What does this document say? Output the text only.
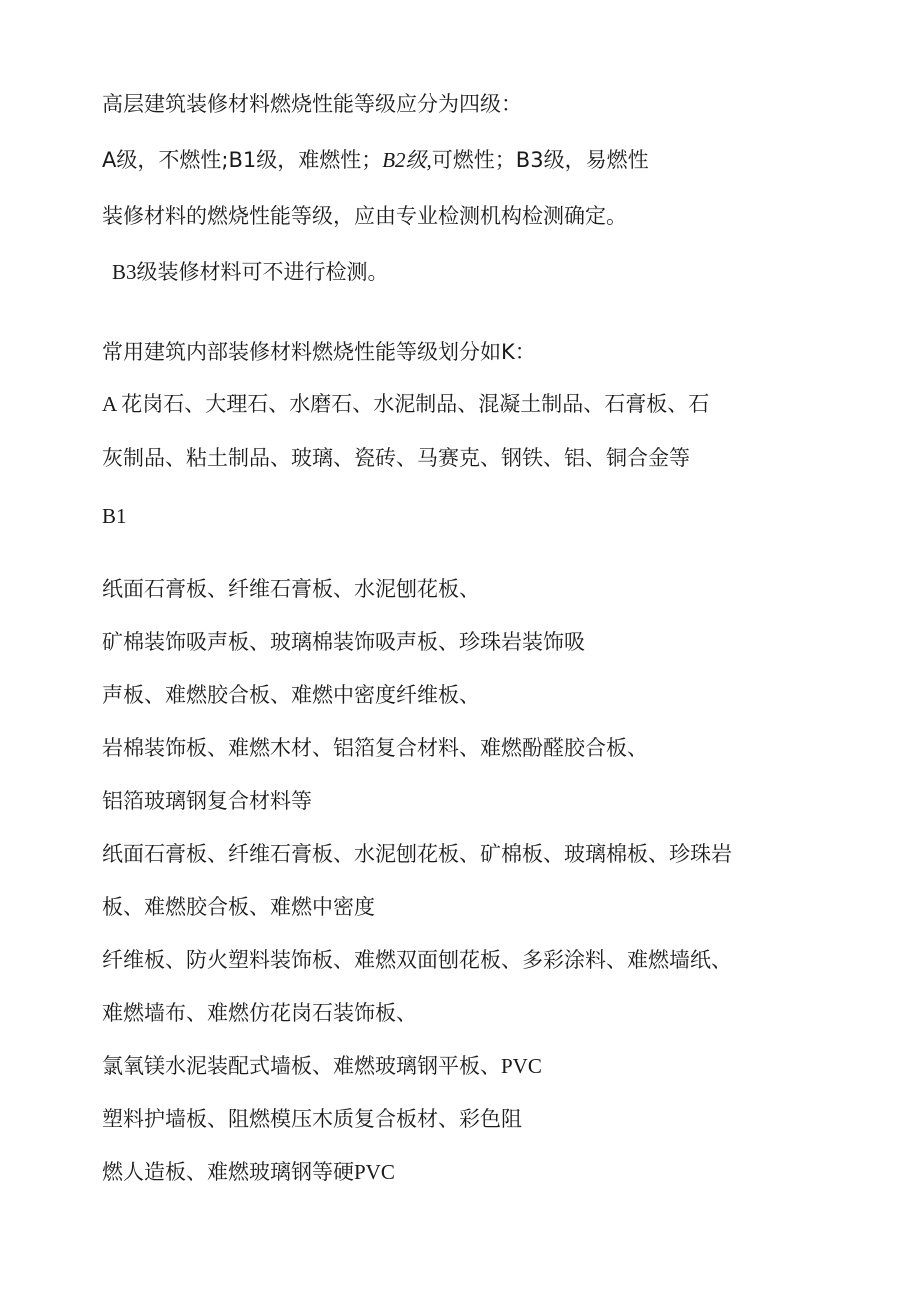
高层建筑装修材料燃烧性能等级应分为四级：

A级，不燃性;B1级，难燃性；B2级,可燃性；B3级，易燃性

装修材料的燃烧性能等级，应由专业检测机构检测确定。

B3级装修材料可不进行检测。

常用建筑内部装修材料燃烧性能等级划分如K：

A 花岗石、大理石、水磨石、水泥制品、混凝土制品、石膏板、石

灰制品、粘土制品、玻璃、瓷砖、马赛克、钢铁、铝、铜合金等

B1

纸面石膏板、纤维石膏板、水泥刨花板、

矿棉装饰吸声板、玻璃棉装饰吸声板、珍珠岩装饰吸

声板、难燃胶合板、难燃中密度纤维板、

岩棉装饰板、难燃木材、铝箔复合材料、难燃酚醛胶合板、

铝箔玻璃钢复合材料等

纸面石膏板、纤维石膏板、水泥刨花板、矿棉板、玻璃棉板、珍珠岩

板、难燃胶合板、难燃中密度

纤维板、防火塑料装饰板、难燃双面刨花板、多彩涂料、难燃墙纸、

难燃墙布、难燃仿花岗石装饰板、

氯氧镁水泥装配式墙板、难燃玻璃钢平板、PVC

塑料护墙板、阻燃模压木质复合板材、彩色阻

燃人造板、难燃玻璃钢等硬PVC
